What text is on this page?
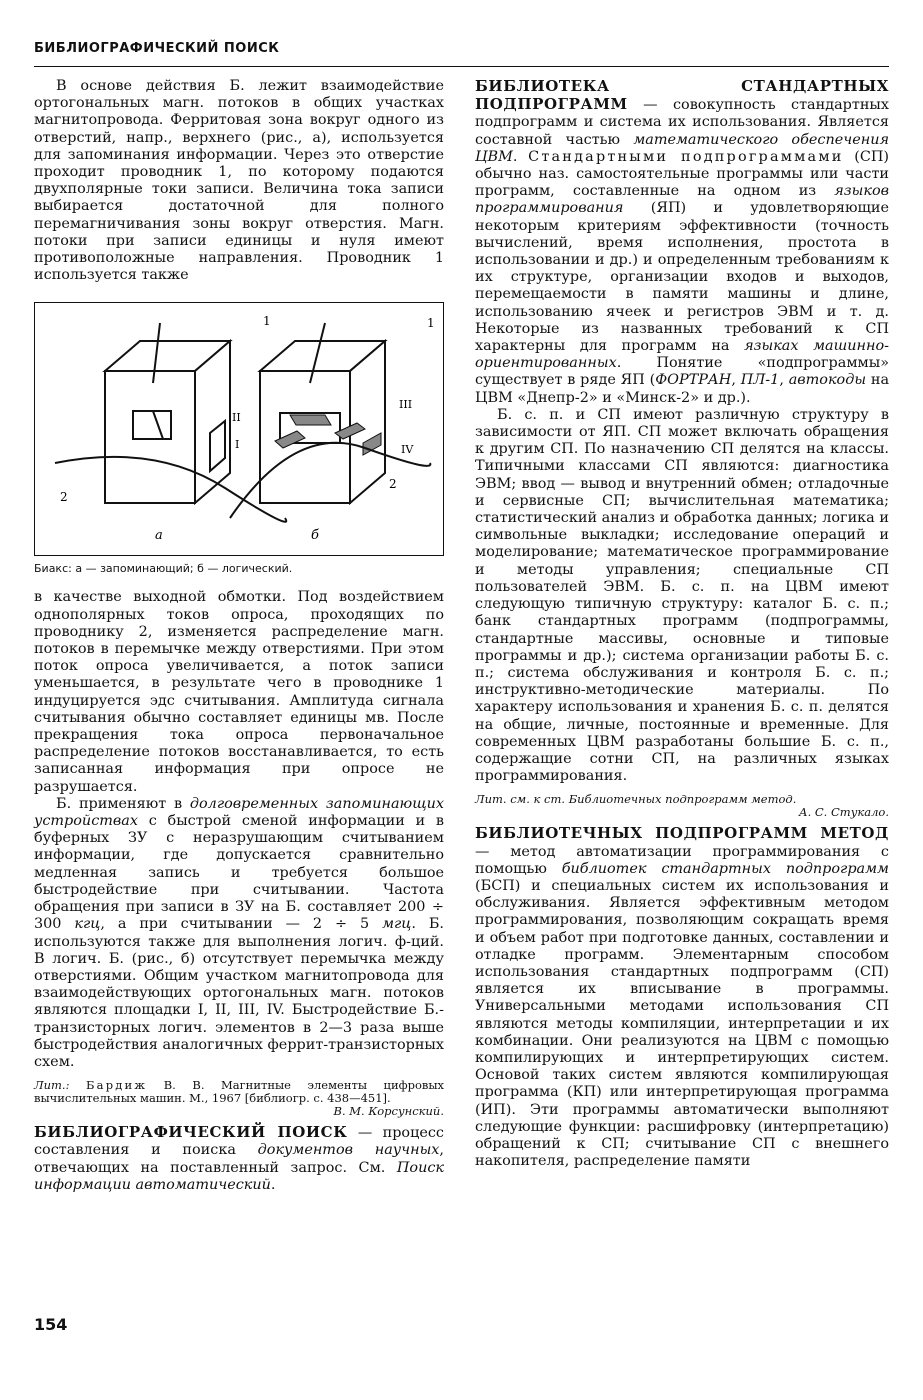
БИБЛИОГРАФИЧЕСКИЙ ПОИСК

В основе действия Б. лежит взаимодействие ортогональных магн. потоков в общих участках магнитопровода. Ферритовая зона вокруг одного из отверстий, напр., верхнего (рис., а), используется для запоминания информации. Через это отверстие проходит проводник 1, по которому подаются двухполярные токи записи. Величина тока записи выбирается достаточной для полного перемагничивания зоны вокруг отверстия. Магн. потоки при записи единицы и нуля имеют противоположные направления. Проводник 1 используется также

1
2
а
1
2
II
I
III
IV
б
Биакс: а — запоминающий; б — логический.

в качестве выходной обмотки. Под воздействием однополярных токов опроса, проходящих по проводнику 2, изменяется распределение магн. потоков в перемычке между отверстиями. При этом поток опроса увеличивается, а поток записи уменьшается, в результате чего в проводнике 1 индуцируется эдс считывания. Амплитуда сигнала считывания обычно составляет единицы мв. После прекращения тока опроса первоначальное распределение потоков восстанавливается, то есть записанная информация при опросе не разрушается.

Б. применяют в долговременных запоминающих устройствах с быстрой сменой информации и в буферных ЗУ с неразрушающим считыванием информации, где допускается сравнительно медленная запись и требуется большое быстродействие при считывании. Частота обращения при записи в ЗУ на Б. составляет 200 ÷ 300 кгц, а при считывании — 2 ÷ 5 мгц. Б. используются также для выполнения логич. ф-ций. В логич. Б. (рис., б) отсутствует перемычка между отверстиями. Общим участком магнитопровода для взаимодействующих ортогональных магн. потоков являются площадки I, II, III, IV. Быстродействие Б.-транзисторных логич. элементов в 2—3 раза выше быстродействия аналогичных феррит-транзисторных схем.

Лит.: Бардиж В. В. Магнитные элементы цифровых вычислительных машин. М., 1967 [библиогр. с. 438—451].
В. М. Корсунский.

БИБЛИОГРАФИЧЕСКИЙ ПОИСК — процесс составления и поиска документов научных, отвечающих на поставленный запрос. См. Поиск информации автоматический.

БИБЛИОТЕКА СТАНДАРТНЫХ ПОДПРОГРАММ — совокупность стандартных подпрограмм и система их использования. Является составной частью математического обеспечения ЦВМ. Стандартными подпрограммами (СП) обычно наз. самостоятельные программы или части программ, составленные на одном из языков программирования (ЯП) и удовлетворяющие некоторым критериям эффективности (точность вычислений, время исполнения, простота в использовании и др.) и определенным требованиям к их структуре, организации входов и выходов, перемещаемости в памяти машины и длине, использованию ячеек и регистров ЭВМ и т. д. Некоторые из названных требований к СП характерны для программ на языках машинно-ориентированных. Понятие «подпрограммы» существует в ряде ЯП (ФОРТРАН, ПЛ-1, автокоды на ЦВМ «Днепр-2» и «Минск-2» и др.).

Б. с. п. и СП имеют различную структуру в зависимости от ЯП. СП может включать обращения к другим СП. По назначению СП делятся на классы. Типичными классами СП являются: диагностика ЭВМ; ввод — вывод и внутренний обмен; отладочные и сервисные СП; вычислительная математика; статистический анализ и обработка данных; логика и символьные выкладки; исследование операций и моделирование; математическое программирование и методы управления; специальные СП пользователей ЭВМ. Б. с. п. на ЦВМ имеют следующую типичную структуру: каталог Б. с. п.; банк стандартных программ (подпрограммы, стандартные массивы, основные и типовые программы и др.); система организации работы Б. с. п.; система обслуживания и контроля Б. с. п.; инструктивно-методические материалы. По характеру использования и хранения Б. с. п. делятся на общие, личные, постоянные и временные. Для современных ЦВМ разработаны большие Б. с. п., содержащие сотни СП, на различных языках программирования.

Лит. см. к ст. Библиотечных подпрограмм метод.
А. С. Стукало.

БИБЛИОТЕЧНЫХ ПОДПРОГРАММ МЕТОД — метод автоматизации программирования с помощью библиотек стандартных подпрограмм (БСП) и специальных систем их использования и обслуживания. Является эффективным методом программирования, позволяющим сокращать время и объем работ при подготовке данных, составлении и отладке программ. Элементарным способом использования стандартных подпрограмм (СП) является их вписывание в программы. Универсальными методами использования СП являются методы компиляции, интерпретации и их комбинации. Они реализуются на ЦВМ с помощью компилирующих и интерпретирующих систем. Основой таких систем являются компилирующая программа (КП) или интерпретирующая программа (ИП). Эти программы автоматически выполняют следующие функции: расшифровку (интерпретацию) обращений к СП; считывание СП с внешнего накопителя, распределение памяти

154
